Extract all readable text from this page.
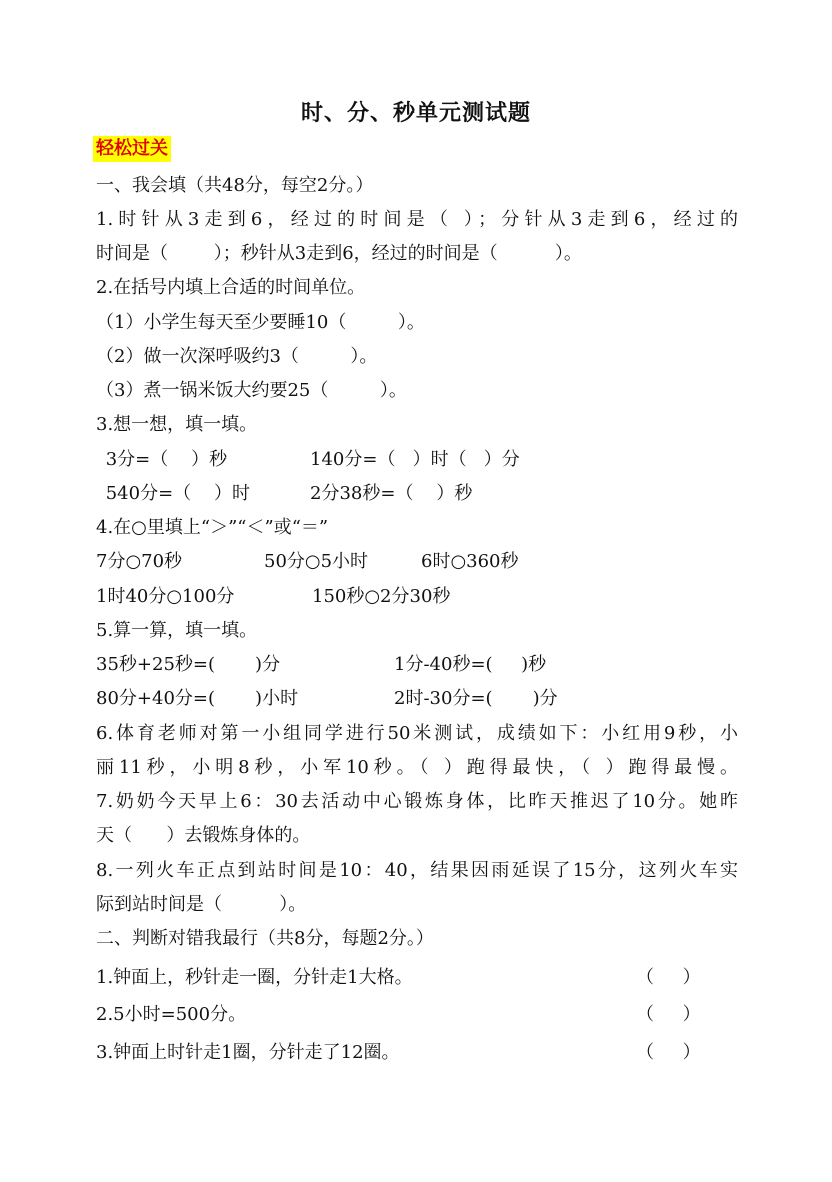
时、分、秒单元测试题
轻松过关
一、我会填（共48分，每空2分。）
1.时针从3走到6，经过的时间是（ ）；分针从3走到6，经过的
时间是（        ）；秒针从3走到6，经过的时间是（          ）。
2.在括号内填上合适的时间单位。
（1）小学生每天至少要睡10（         ）。
（2）做一次深呼吸约3（         ）。
（3）煮一锅米饭大约要25（         ）。
3.想一想，填一填。
3分=（    ）秒	140分=（   ）时（   ）分
540分=（    ）时	2分38秒=（    ）秒
4.在○里填上“＞”“＜”或“＝”
7分○70秒	50分○5小时	6时○360秒
1时40分○100分	150秒○2分30秒
5.算一算，填一填。
35秒+25秒=(       )分	1分-40秒=(     )秒
80分+40分=(       )小时	2时-30分=(       )分
6.体育老师对第一小组同学进行50米测试，成绩如下：小红用9秒，小
丽11秒，小明8秒，小军10秒。（ ）跑得最快，（ ）跑得最慢。
7.奶奶今天早上6：30去活动中心锻炼身体，比昨天推迟了10分。她昨
天（      ）去锻炼身体的。
8.一列火车正点到站时间是10：40，结果因雨延误了15分，这列火车实
际到站时间是（          ）。
二、判断对错我最行（共8分，每题2分。）
1.钟面上，秒针走一圈，分针走1大格。	（     ）
2.5小时=500分。	（     ）
3.钟面上时针走1圈，分针走了12圈。	（     ）
